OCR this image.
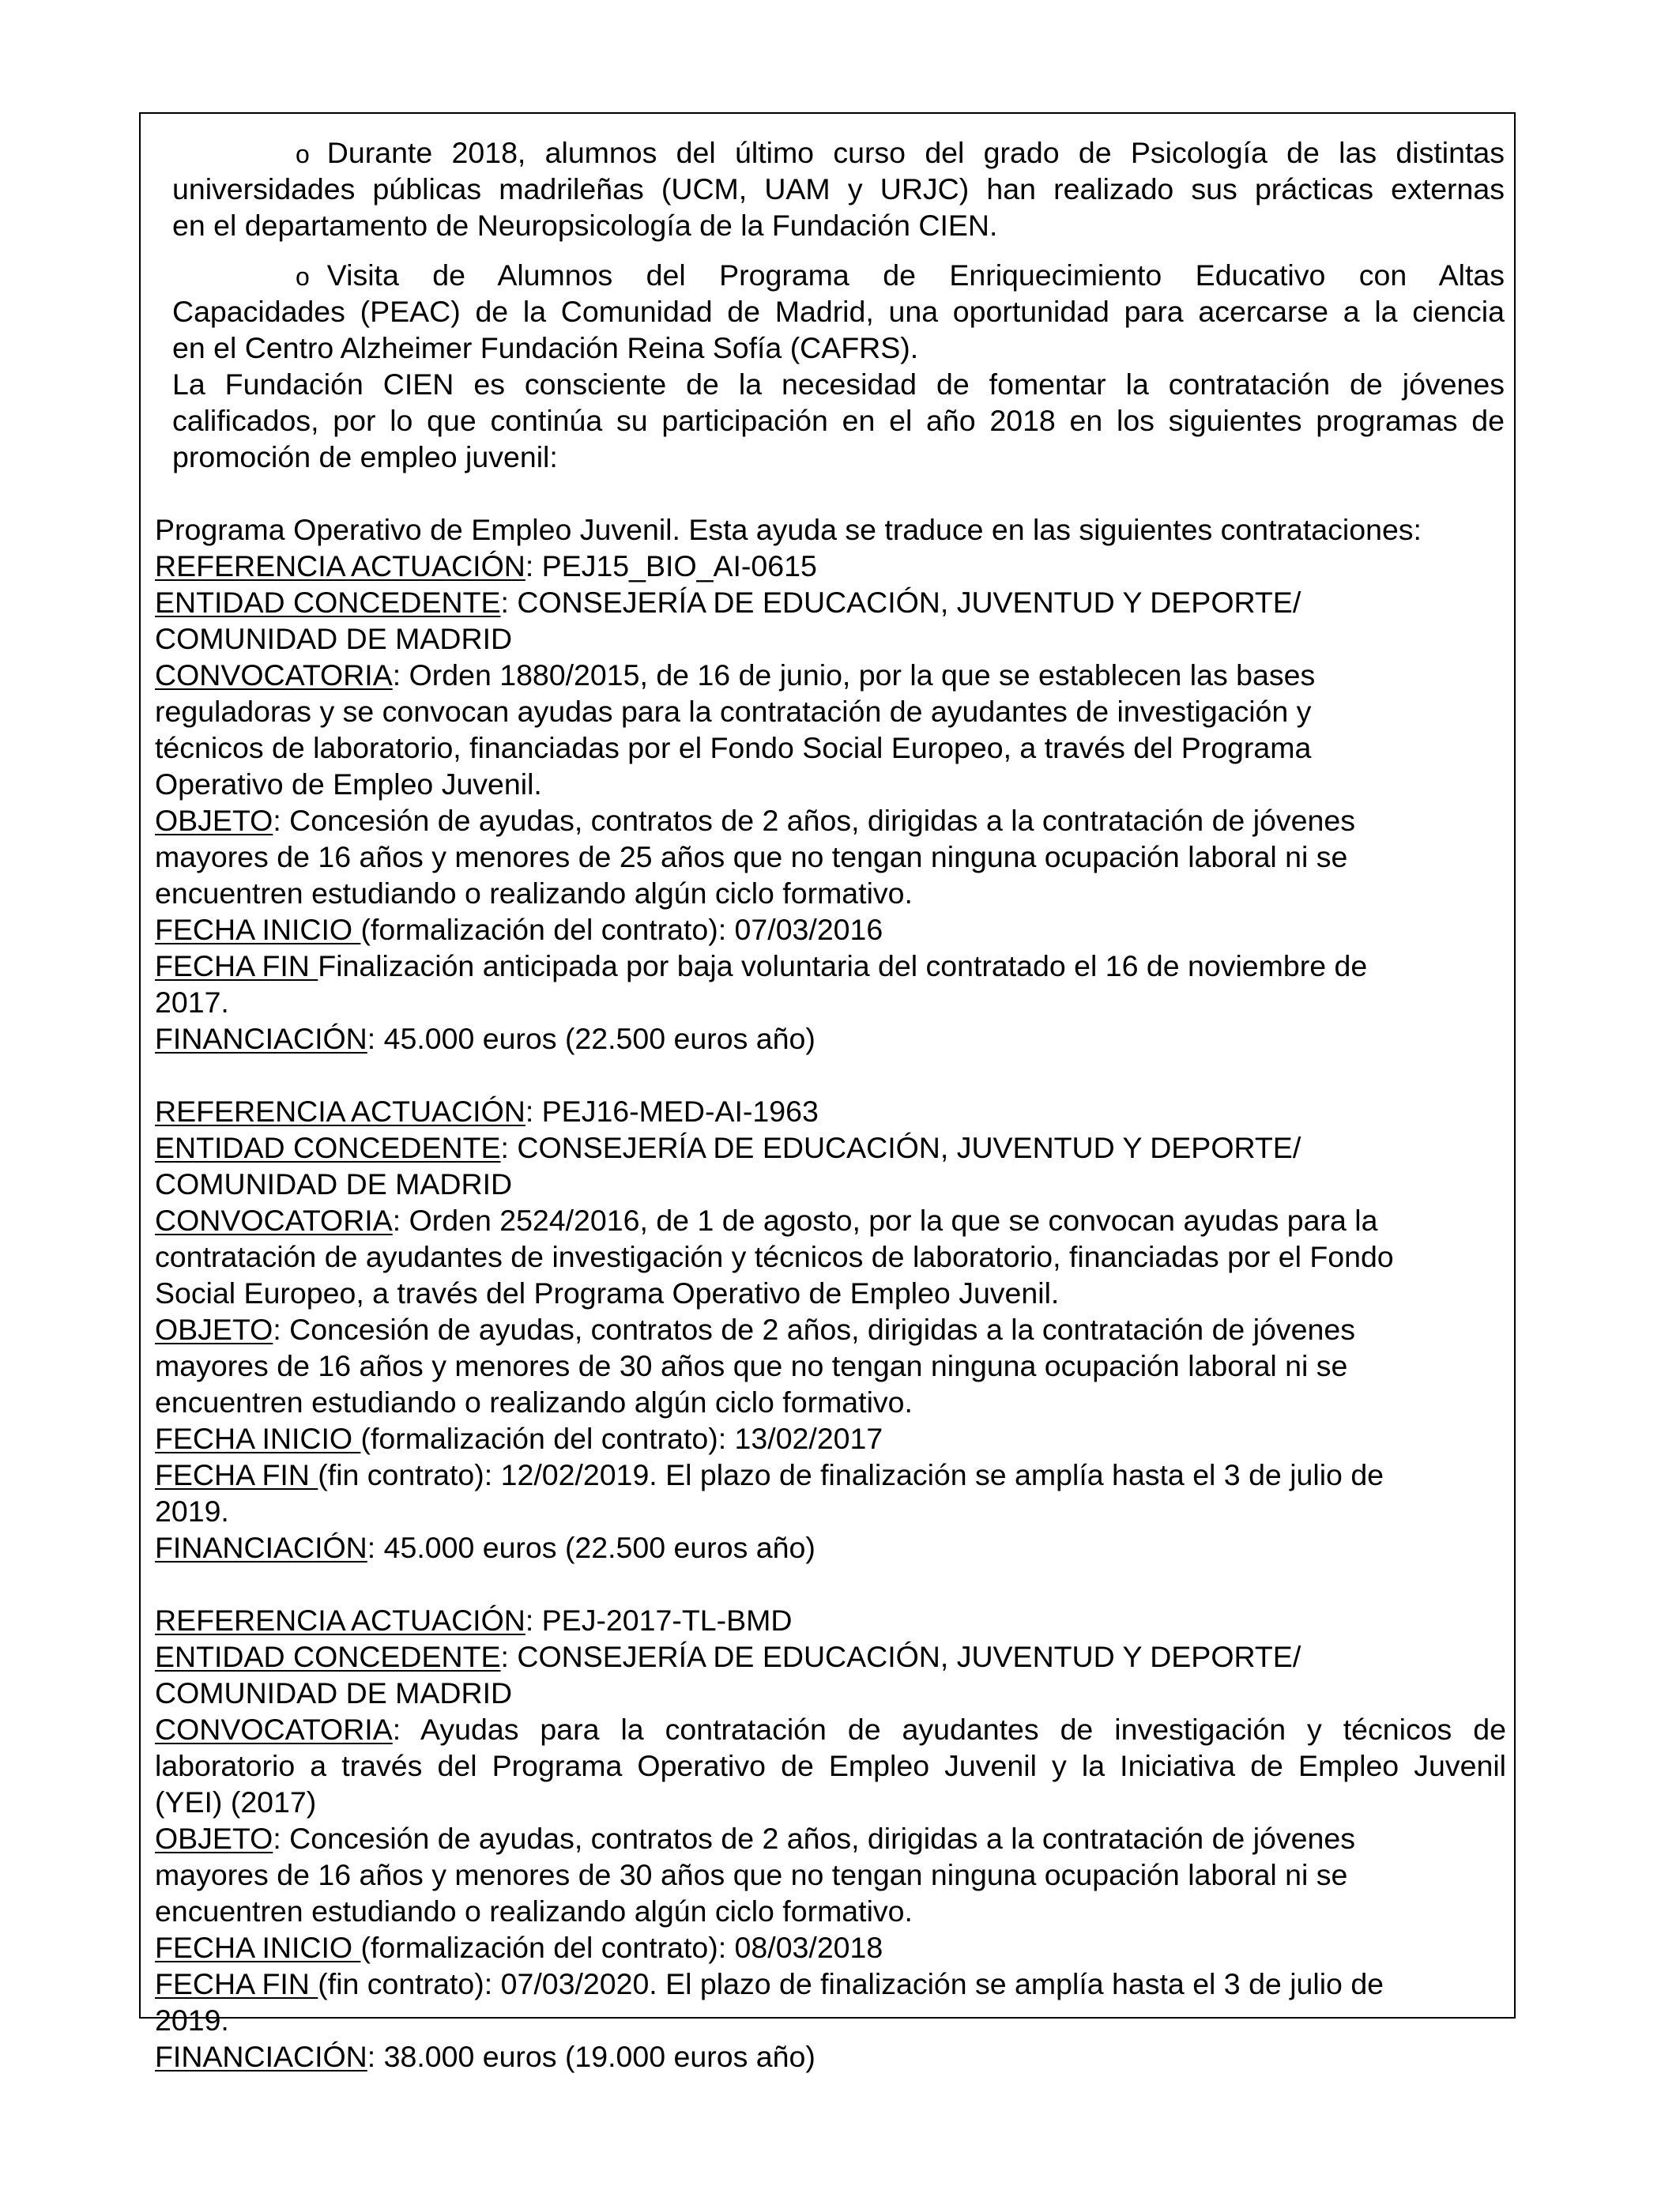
o Durante 2018, alumnos del último curso del grado de Psicología de las distintas
universidades públicas madrileñas (UCM, UAM y URJC) han realizado sus prácticas externas
en el departamento de Neuropsicología de la Fundación CIEN.
o Visita de Alumnos del Programa de Enriquecimiento Educativo con Altas
Capacidades (PEAC) de la Comunidad de Madrid, una oportunidad para acercarse a la ciencia
en el Centro Alzheimer Fundación Reina Sofía (CAFRS).
La Fundación CIEN es consciente de la necesidad de fomentar la contratación de jóvenes
calificados, por lo que continúa su participación en el año 2018 en los siguientes programas de
promoción de empleo juvenil:
Programa Operativo de Empleo Juvenil. Esta ayuda se traduce en las siguientes contrataciones:
REFERENCIA ACTUACIÓN: PEJ15_BIO_AI-0615
ENTIDAD CONCEDENTE: CONSEJERÍA DE EDUCACIÓN, JUVENTUD Y DEPORTE/
COMUNIDAD DE MADRID
CONVOCATORIA: Orden 1880/2015, de 16 de junio, por la que se establecen las bases
reguladoras y se convocan ayudas para la contratación de ayudantes de investigación y
técnicos de laboratorio, financiadas por el Fondo Social Europeo, a través del Programa
Operativo de Empleo Juvenil.
OBJETO: Concesión de ayudas, contratos de 2 años, dirigidas a la contratación de jóvenes
mayores de 16 años y menores de 25 años que no tengan ninguna ocupación laboral ni se
encuentren estudiando o realizando algún ciclo formativo.
FECHA INICIO (formalización del contrato): 07/03/2016
FECHA FIN Finalización anticipada por baja voluntaria del contratado el 16 de noviembre de
2017.
FINANCIACIÓN: 45.000 euros (22.500 euros año)
REFERENCIA ACTUACIÓN: PEJ16-MED-AI-1963
ENTIDAD CONCEDENTE: CONSEJERÍA DE EDUCACIÓN, JUVENTUD Y DEPORTE/
COMUNIDAD DE MADRID
CONVOCATORIA: Orden 2524/2016, de 1 de agosto, por la que se convocan ayudas para la
contratación de ayudantes de investigación y técnicos de laboratorio, financiadas por el Fondo
Social Europeo, a través del Programa Operativo de Empleo Juvenil.
OBJETO: Concesión de ayudas, contratos de 2 años, dirigidas a la contratación de jóvenes
mayores de 16 años y menores de 30 años que no tengan ninguna ocupación laboral ni se
encuentren estudiando o realizando algún ciclo formativo.
FECHA INICIO (formalización del contrato): 13/02/2017
FECHA FIN (fin contrato): 12/02/2019. El plazo de finalización se amplía hasta el 3 de julio de
2019.
FINANCIACIÓN: 45.000 euros (22.500 euros año)
REFERENCIA ACTUACIÓN: PEJ-2017-TL-BMD
ENTIDAD CONCEDENTE: CONSEJERÍA DE EDUCACIÓN, JUVENTUD Y DEPORTE/
COMUNIDAD DE MADRID
CONVOCATORIA: Ayudas para la contratación de ayudantes de investigación y técnicos de
laboratorio a través del Programa Operativo de Empleo Juvenil y la Iniciativa de Empleo Juvenil
(YEI) (2017)
OBJETO: Concesión de ayudas, contratos de 2 años, dirigidas a la contratación de jóvenes
mayores de 16 años y menores de 30 años que no tengan ninguna ocupación laboral ni se
encuentren estudiando o realizando algún ciclo formativo.
FECHA INICIO (formalización del contrato): 08/03/2018
FECHA FIN (fin contrato): 07/03/2020. El plazo de finalización se amplía hasta el 3 de julio de
2019.
FINANCIACIÓN: 38.000 euros (19.000 euros año)
